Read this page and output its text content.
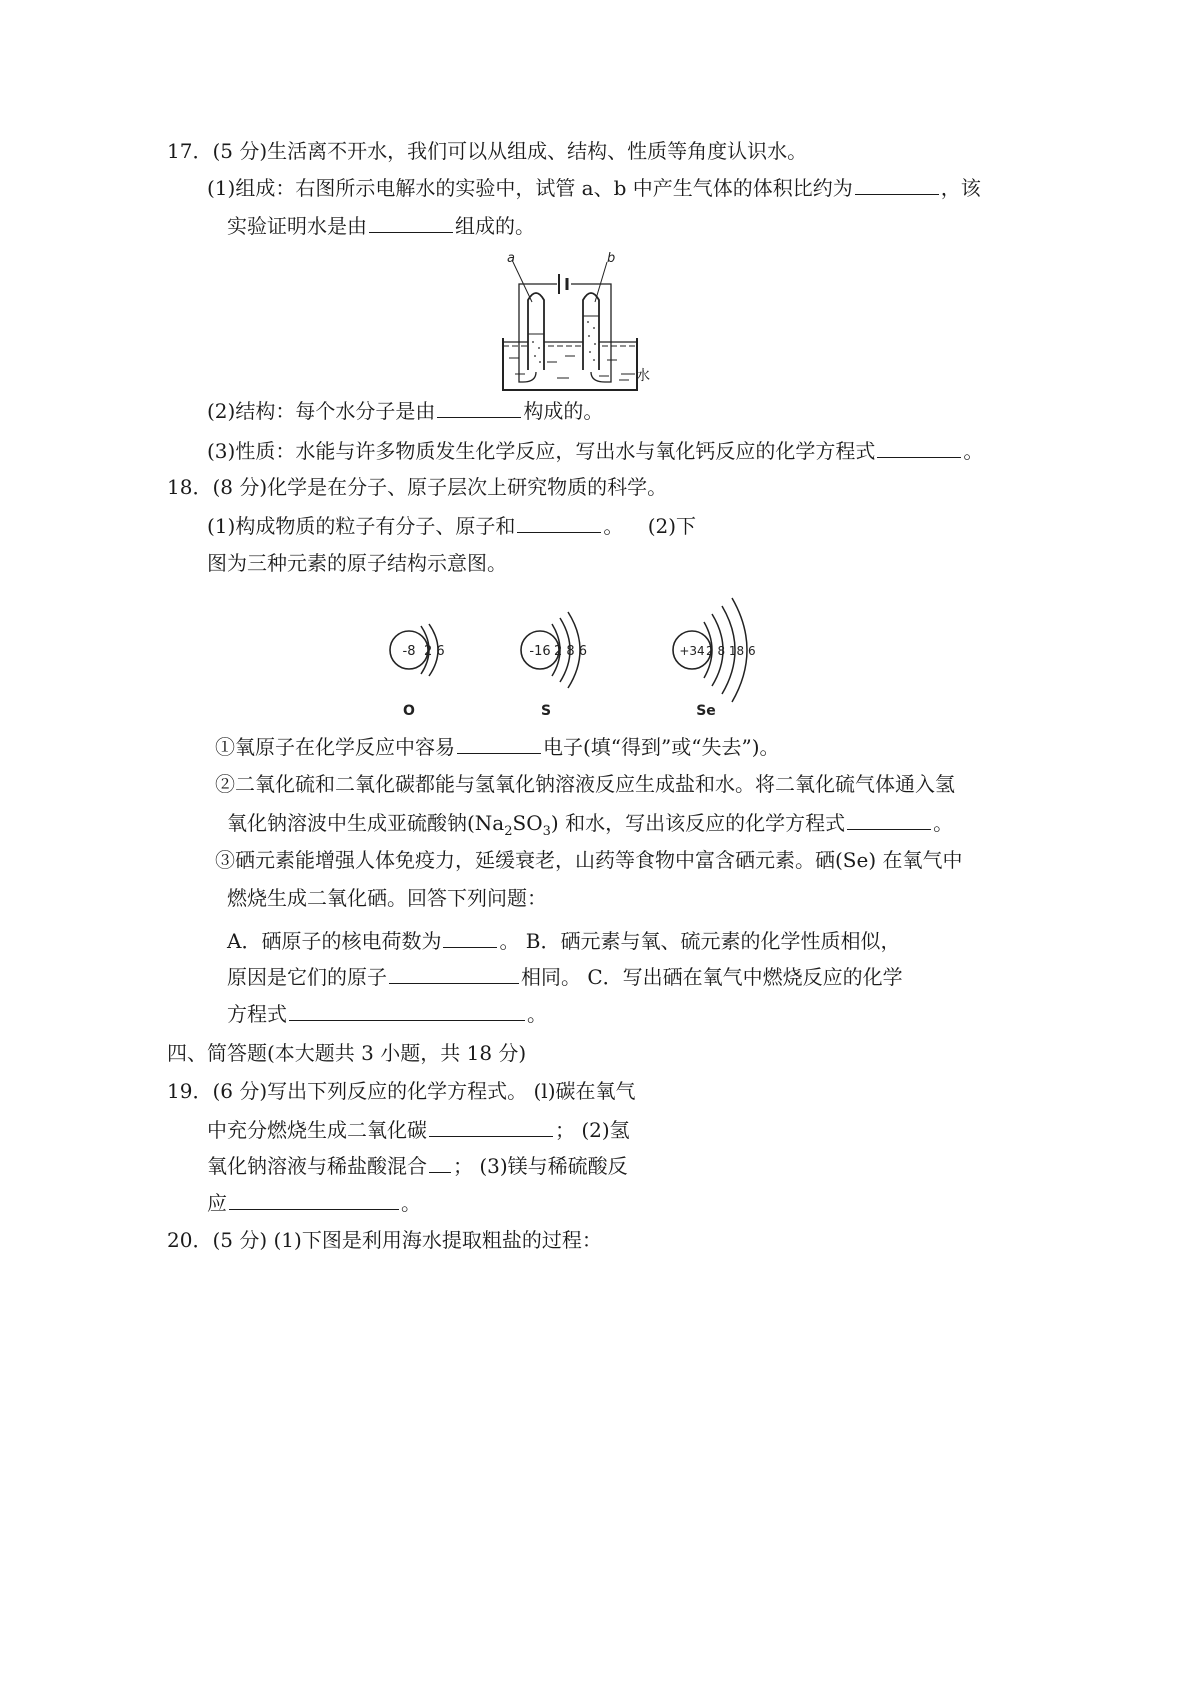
17．(5 分)生活离不开水，我们可以从组成、结构、性质等角度认识水。
(1)组成：右图所示电解水的实验中，试管 a、b 中产生气体的体积比约为	，该
实验证明水是由	组成的。
a	b
水
(2)结构：每个水分子是由	构成的。
(3)性质：水能与许多物质发生化学反应，写出水与氧化钙反应的化学方程式	。
18．(8 分)化学是在分子、原子层次上研究物质的科学。
(1)构成物质的粒子有分子、原子和	。 (2)下
图为三种元素的原子结构示意图。
-8 2 6
O
-16 2 8 6
S
+34 2 8 18 6
Se
①氧原子在化学反应中容易	电子(填“得到”或“失去”)。
②二氧化硫和二氧化碳都能与氢氧化钠溶液反应生成盐和水。将二氧化硫气体通入氢
氧化钠溶波中生成亚硫酸钠$(Na_2SO_3)$ 和水，写出该反应的化学方程式	。
③硒元素能增强人体免疫力，延缓衰老，山药等食物中富含硒元素。硒(Se) 在氧气中
燃烧生成二氧化硒。回答下列问题：
A．硒原子的核电荷数为	。 B．硒元素与氧、硫元素的化学性质相似，
原因是它们的原子	相同。 C．写出硒在氧气中燃烧反应的化学
方程式	。
四、简答题(本大题共 3 小题，共 18 分)
19．(6 分)写出下列反应的化学方程式。 (l)碳在氧气
中充分燃烧生成二氧化碳	； (2)氢
氧化钠溶液与稀盐酸混合 ； (3)镁与稀硫酸反
应	。
20．(5 分) (1)下图是利用海水提取粗盐的过程：
